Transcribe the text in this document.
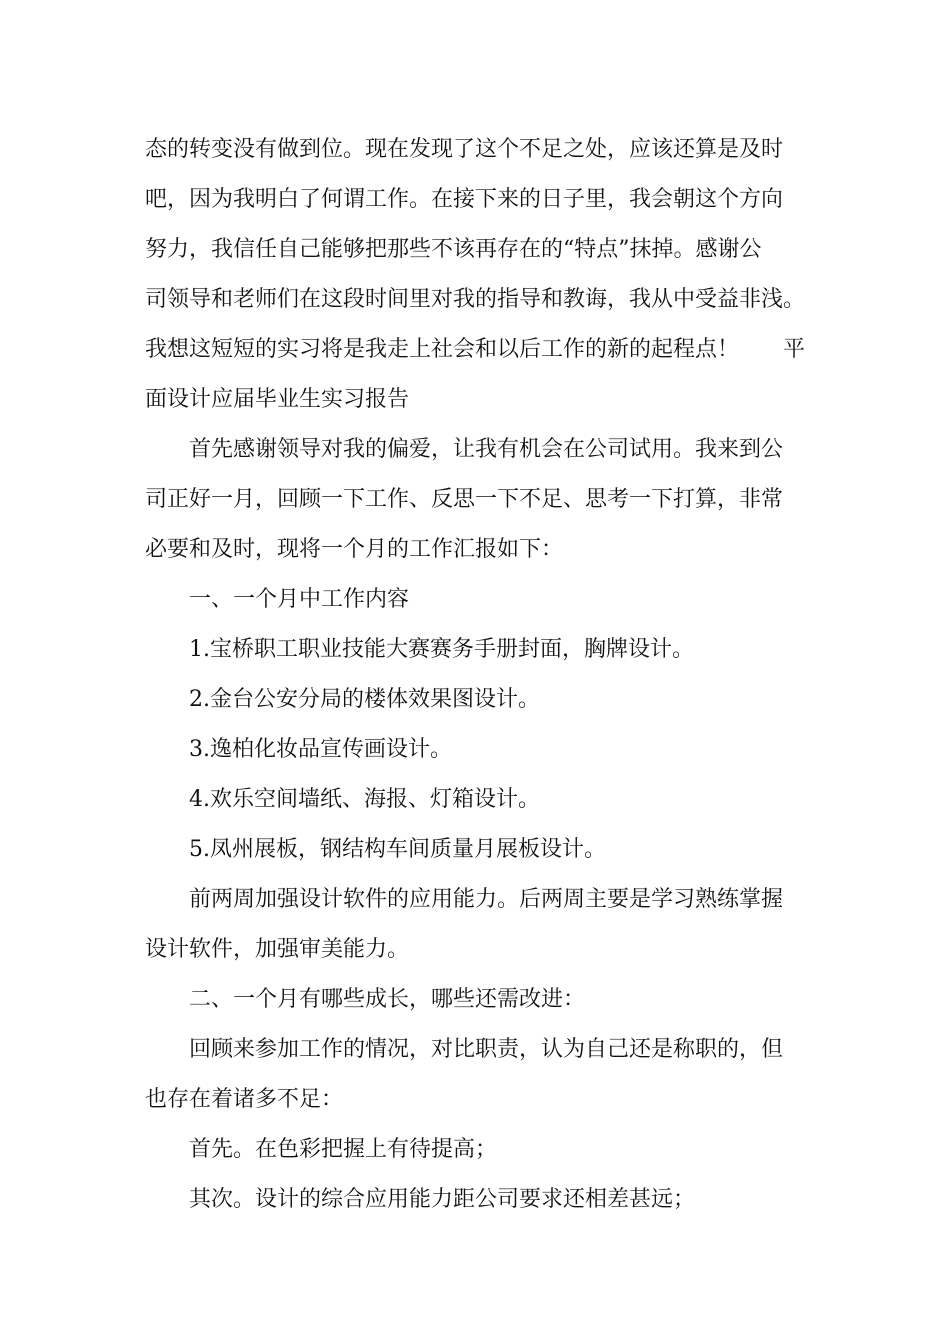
态的转变没有做到位。现在发现了这个不足之处，应该还算是及时
吧，因为我明白了何谓工作。在接下来的日子里，我会朝这个方向
努力，我信任自己能够把那些不该再存在的“特点”抹掉。感谢公
司领导和老师们在这段时间里对我的指导和教诲，我从中受益非浅。
我想这短短的实习将是我走上社会和以后工作的新的起程点！　　平
面设计应届毕业生实习报告
首先感谢领导对我的偏爱，让我有机会在公司试用。我来到公
司正好一月，回顾一下工作、反思一下不足、思考一下打算，非常
必要和及时，现将一个月的工作汇报如下：
一、一个月中工作内容
1.宝桥职工职业技能大赛赛务手册封面，胸牌设计。
2.金台公安分局的楼体效果图设计。
3.逸柏化妆品宣传画设计。
4.欢乐空间墙纸、海报、灯箱设计。
5.凤州展板，钢结构车间质量月展板设计。
前两周加强设计软件的应用能力。后两周主要是学习熟练掌握
设计软件，加强审美能力。
二、一个月有哪些成长，哪些还需改进：
回顾来参加工作的情况，对比职责，认为自己还是称职的，但
也存在着诸多不足：
首先。在色彩把握上有待提高；
其次。设计的综合应用能力距公司要求还相差甚远；
